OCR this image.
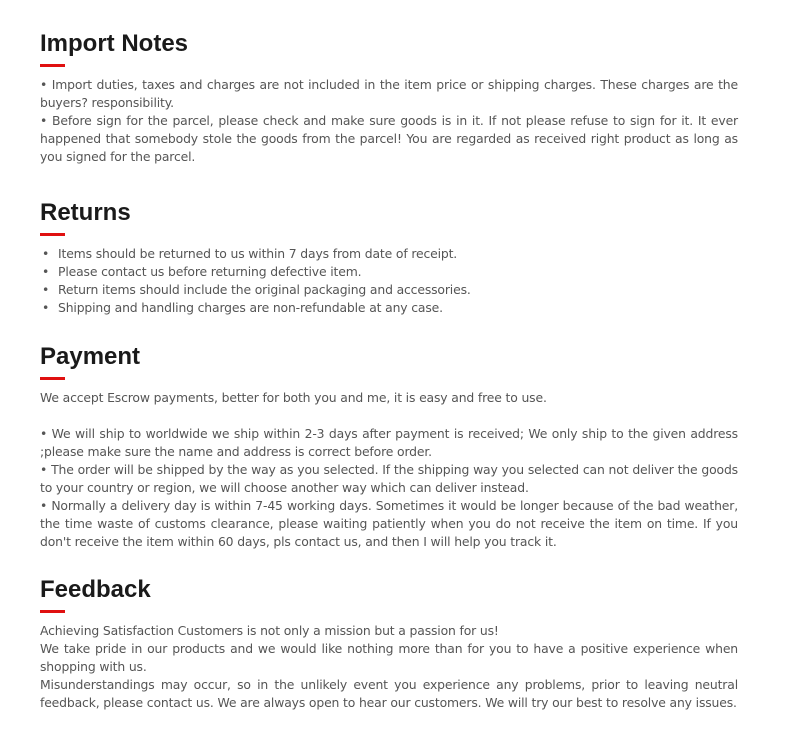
Import Notes

• Import duties, taxes and charges are not included in the item price or shipping charges. These charges are the buyers? responsibility.

• Before sign for the parcel, please check and make sure goods is in it. If not please refuse to sign for it. It ever happened that somebody stole the goods from the parcel! You are regarded as received right product as long as you signed for the parcel.

Returns
• Items should be returned to us within 7 days from date of receipt.
• Please contact us before returning defective item.
• Return items should include the original packaging and accessories.
• Shipping and handling charges are non-refundable at any case.
Payment

We accept Escrow payments, better for both you and me, it is easy and free to use.

• We will ship to worldwide we ship within 2-3 days after payment is received; We only ship to the given address ;please make sure the name and address is correct before order.

• The order will be shipped by the way as you selected. If the shipping way you selected can not deliver the goods to your country or region, we will choose another way which can deliver instead.

• Normally a delivery day is within 7-45 working days. Sometimes it would be longer because of the bad weather, the time waste of customs clearance, please waiting patiently when you do not receive the item on time. If you don't receive the item within 60 days, pls contact us, and then I will help you track it.

Feedback

Achieving Satisfaction Customers is not only a mission but a passion for us!

We take pride in our products and we would like nothing more than for you to have a positive experience when shopping with us.

Misunderstandings may occur, so in the unlikely event you experience any problems, prior to leaving neutral feedback, please contact us. We are always open to hear our customers. We will try our best to resolve any issues.
